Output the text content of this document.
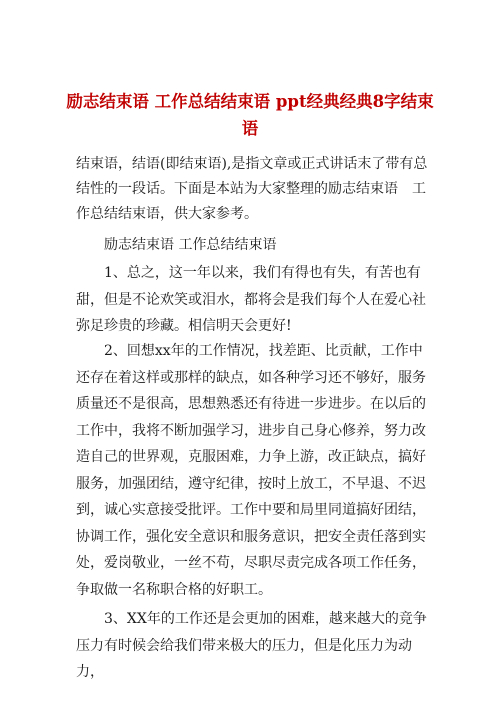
励志结束语 工作总结结束语 ppt经典经典8字结束语
结束语，结语(即结束语),是指文章或正式讲话末了带有总结性的一段话。下面是本站为大家整理的励志结束语　工作总结结束语，供大家参考。
励志结束语 工作总结结束语

1、总之，这一年以来，我们有得也有失，有苦也有甜，但是不论欢笑或泪水，都将会是我们每个人在爱心社弥足珍贵的珍藏。相信明天会更好!

2、回想xx年的工作情况，找差距、比贡献，工作中还存在着这样或那样的缺点，如各种学习还不够好，服务质量还不是很高，思想熟悉还有待进一步进步。在以后的工作中，我将不断加强学习，进步自己身心修养，努力改造自己的世界观，克服困难，力争上游，改正缺点，搞好服务，加强团结，遵守纪律，按时上放工，不早退、不迟到，诚心实意接受批评。工作中要和局里同道搞好团结，协调工作，强化安全意识和服务意识，把安全责任落到实处，爱岗敬业，一丝不苟，尽职尽责完成各项工作任务，争取做一名称职合格的好职工。

3、XX年的工作还是会更加的困难，越来越大的竞争压力有时候会给我们带来极大的压力，但是化压力为动力，
